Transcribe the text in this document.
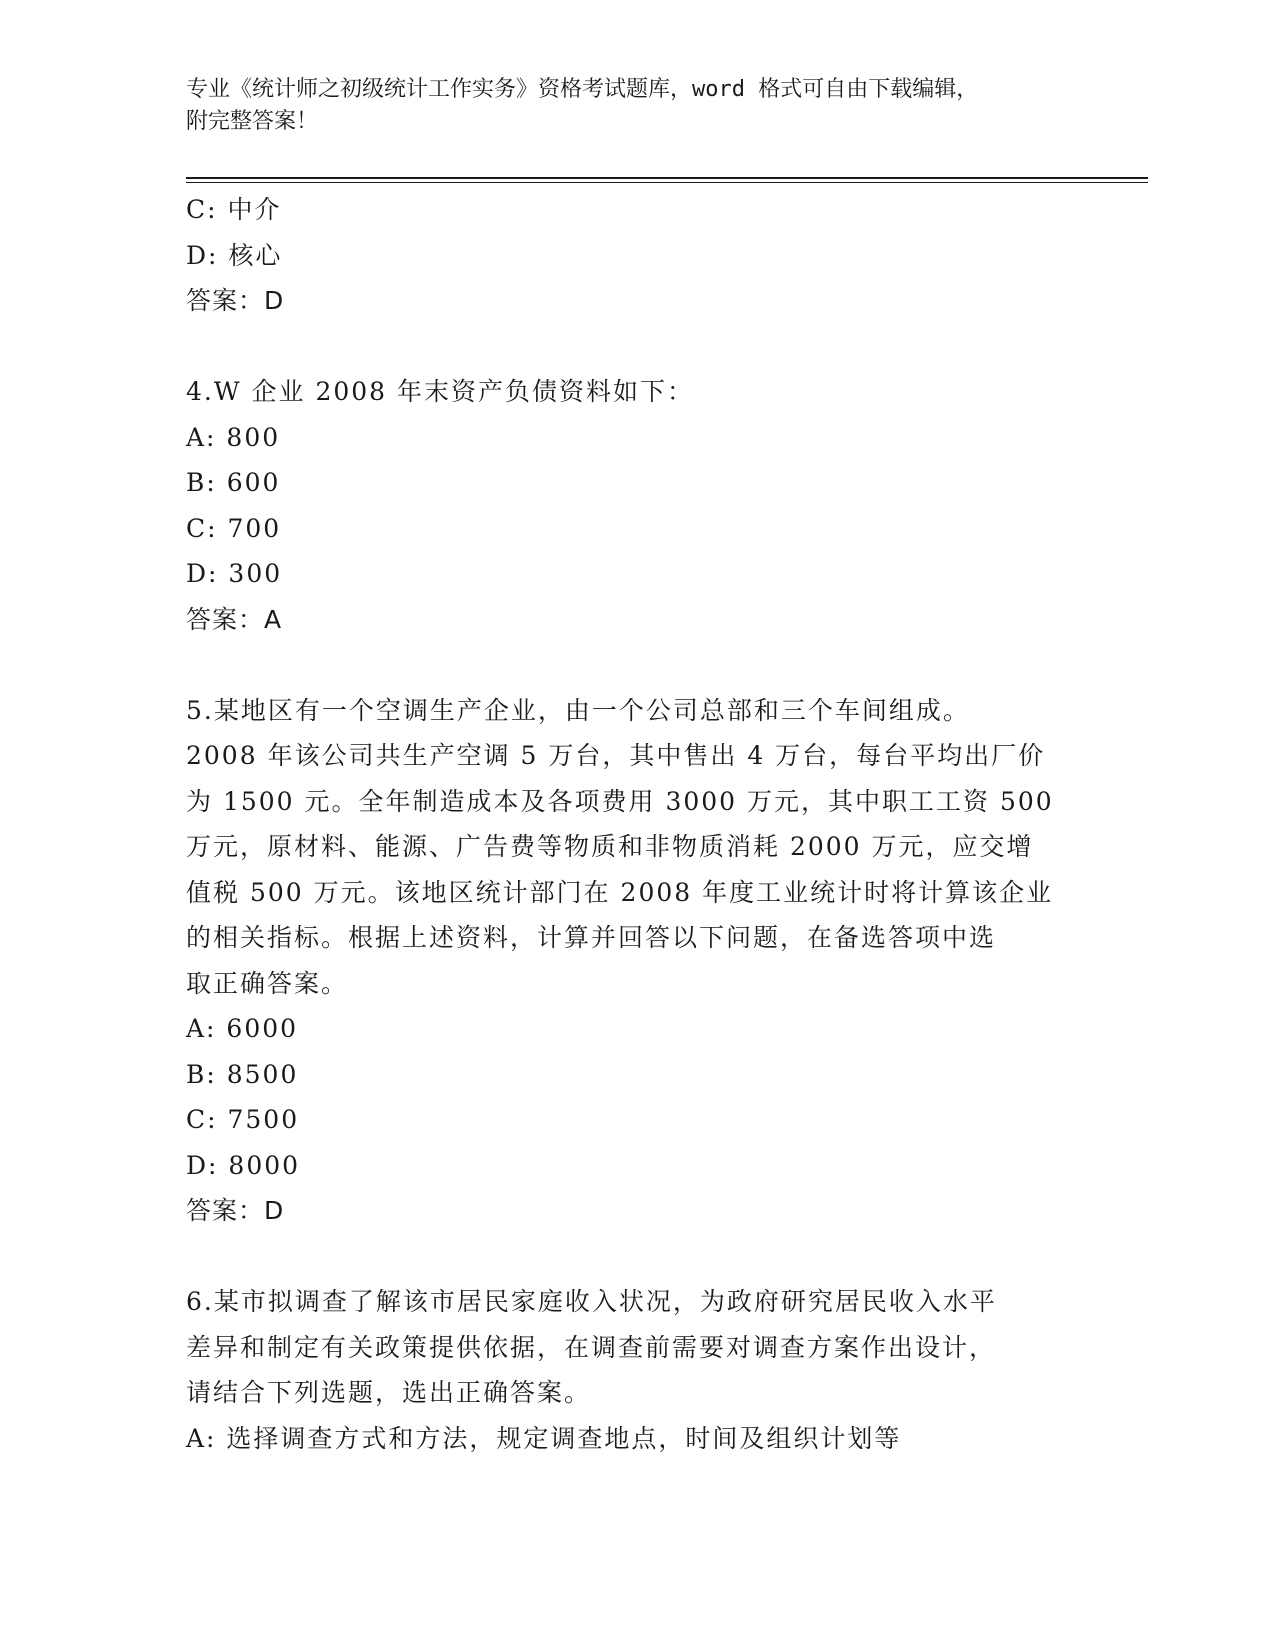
专业《统计师之初级统计工作实务》资格考试题库，word 格式可自由下载编辑，
附完整答案！
C: 中介
D: 核心
答案：D
4.W 企业 2008 年末资产负债资料如下：
A: 800
B: 600
C: 700
D: 300
答案：A
5.某地区有一个空调生产企业，由一个公司总部和三个车间组成。
2008 年该公司共生产空调 5 万台，其中售出 4 万台，每台平均出厂价
为 1500 元。全年制造成本及各项费用 3000 万元，其中职工工资 500
万元，原材料、能源、广告费等物质和非物质消耗 2000 万元，应交增
值税 500 万元。该地区统计部门在 2008 年度工业统计时将计算该企业
的相关指标。根据上述资料，计算并回答以下问题，在备选答项中选
取正确答案。
A: 6000
B: 8500
C: 7500
D: 8000
答案：D
6.某市拟调查了解该市居民家庭收入状况，为政府研究居民收入水平
差异和制定有关政策提供依据，在调查前需要对调查方案作出设计，
请结合下列选题，选出正确答案。
A: 选择调查方式和方法，规定调查地点，时间及组织计划等
